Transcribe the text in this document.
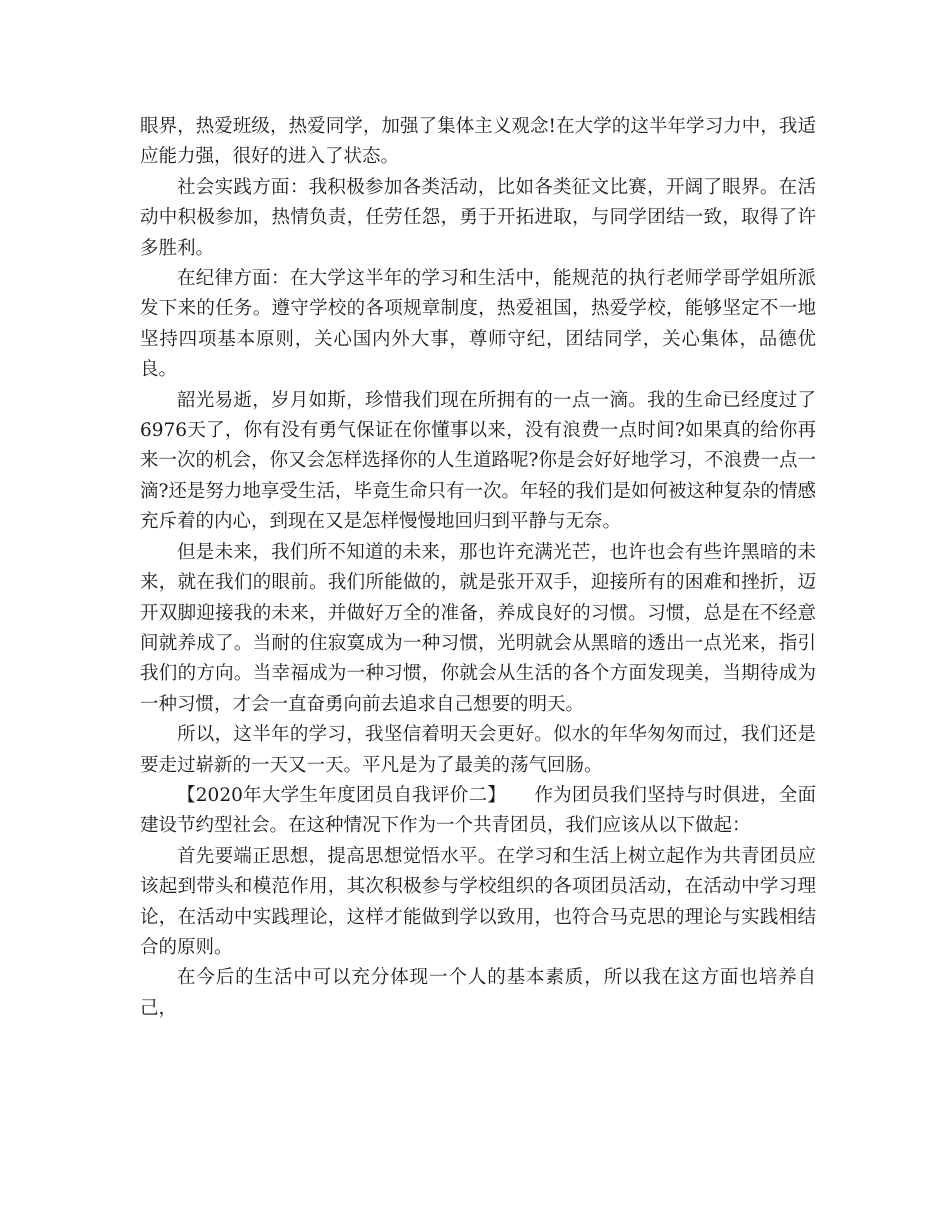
眼界，热爱班级，热爱同学，加强了集体主义观念!在大学的这半年学习力中，我适应能力强，很好的进入了状态。

社会实践方面：我积极参加各类活动，比如各类征文比赛，开阔了眼界。在活动中积极参加，热情负责，任劳任怨，勇于开拓进取，与同学团结一致，取得了许多胜利。

在纪律方面：在大学这半年的学习和生活中，能规范的执行老师学哥学姐所派发下来的任务。遵守学校的各项规章制度，热爱祖国，热爱学校，能够坚定不一地坚持四项基本原则，关心国内外大事，尊师守纪，团结同学，关心集体，品德优良。

韶光易逝，岁月如斯，珍惜我们现在所拥有的一点一滴。我的生命已经度过了6976天了，你有没有勇气保证在你懂事以来，没有浪费一点时间?如果真的给你再来一次的机会，你又会怎样选择你的人生道路呢?你是会好好地学习，不浪费一点一滴?还是努力地享受生活，毕竟生命只有一次。年轻的我们是如何被这种复杂的情感充斥着的内心，到现在又是怎样慢慢地回归到平静与无奈。

但是未来，我们所不知道的未来，那也许充满光芒，也许也会有些许黑暗的未来，就在我们的眼前。我们所能做的，就是张开双手，迎接所有的困难和挫折，迈开双脚迎接我的未来，并做好万全的准备，养成良好的习惯。习惯，总是在不经意间就养成了。当耐的住寂寞成为一种习惯，光明就会从黑暗的透出一点光来，指引我们的方向。当幸福成为一种习惯，你就会从生活的各个方面发现美，当期待成为一种习惯，才会一直奋勇向前去追求自己想要的明天。

所以，这半年的学习，我坚信着明天会更好。似水的年华匆匆而过，我们还是要走过崭新的一天又一天。平凡是为了最美的荡气回肠。

【2020年大学生年度团员自我评价二】　　作为团员我们坚持与时俱进，全面建设节约型社会。在这种情况下作为一个共青团员，我们应该从以下做起：

首先要端正思想，提高思想觉悟水平。在学习和生活上树立起作为共青团员应该起到带头和模范作用，其次积极参与学校组织的各项团员活动，在活动中学习理论，在活动中实践理论，这样才能做到学以致用，也符合马克思的理论与实践相结合的原则。

在今后的生活中可以充分体现一个人的基本素质，所以我在这方面也培养自己，
